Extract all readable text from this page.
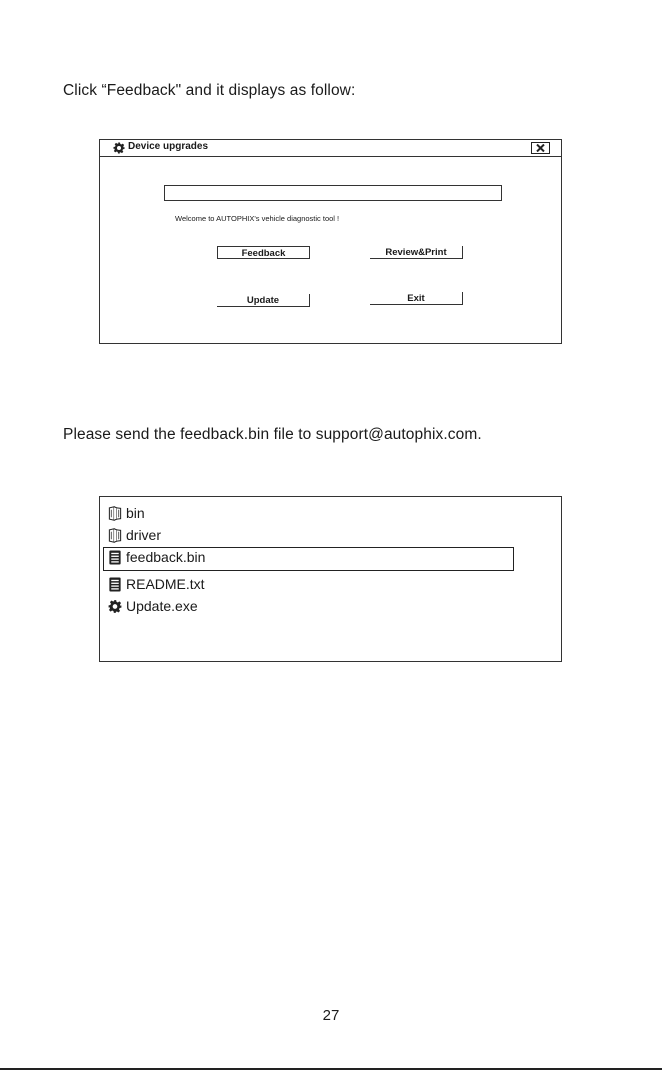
Click “Feedback" and it displays as follow:
Device upgrades
Welcome to AUTOPHIX's vehicle diagnostic tool !
Feedback	Review&Print
Update	Exit
Please send the feedback.bin file to support@autophix.com.
bin
driver
feedback.bin
README.txt
Update.exe
27
